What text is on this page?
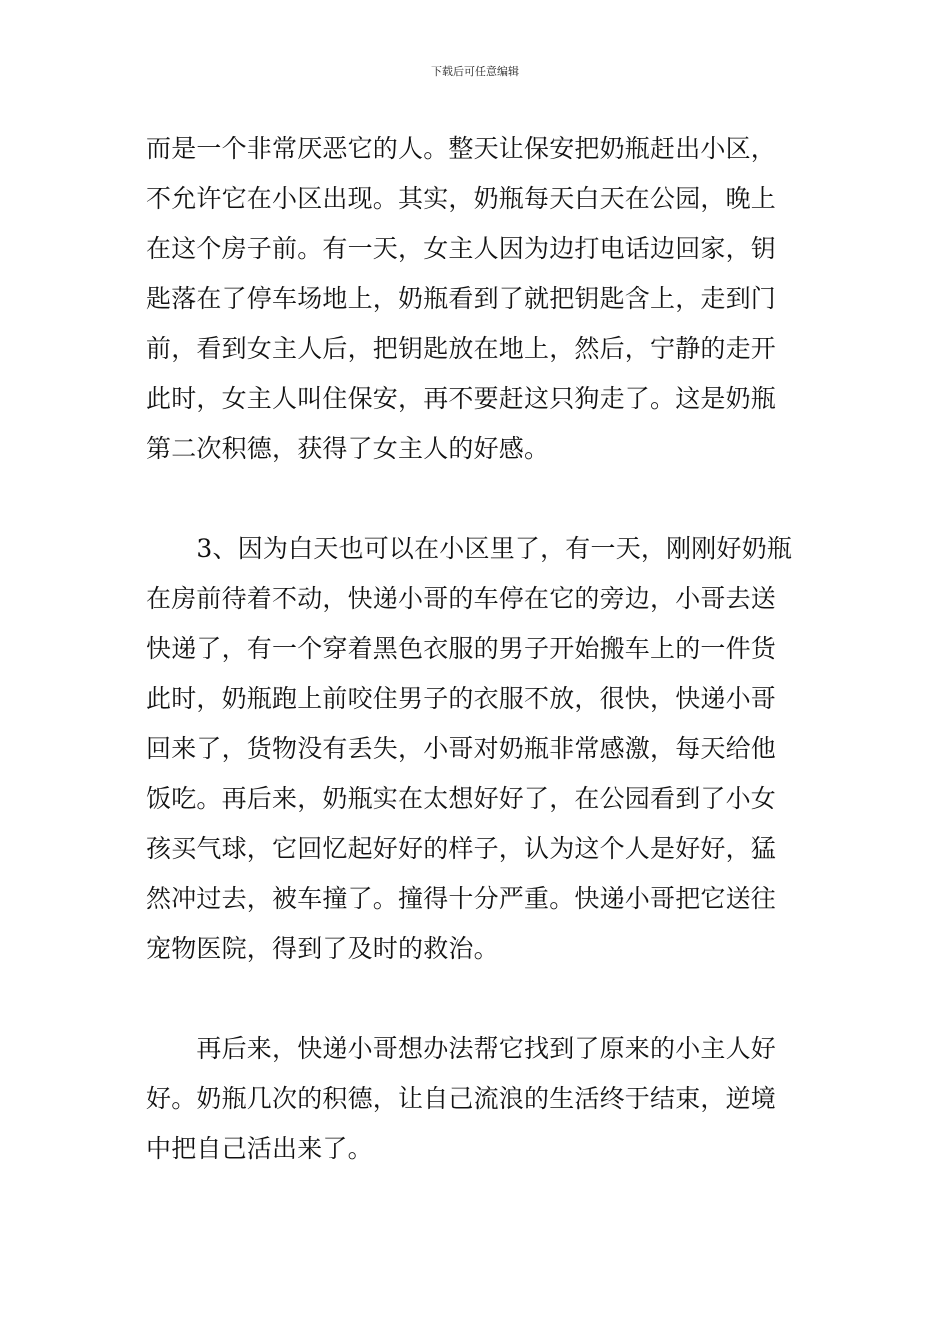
下载后可任意编辑
而是一个非常厌恶它的人。整天让保安把奶瓶赶出小区，
不允许它在小区出现。其实，奶瓶每天白天在公园，晚上
在这个房子前。有一天，女主人因为边打电话边回家，钥
匙落在了停车场地上，奶瓶看到了就把钥匙含上，走到门
前，看到女主人后，把钥匙放在地上，然后，宁静的走开
此时，女主人叫住保安，再不要赶这只狗走了。这是奶瓶
第二次积德，获得了女主人的好感。
　　3、因为白天也可以在小区里了，有一天，刚刚好奶瓶
在房前待着不动，快递小哥的车停在它的旁边，小哥去送
快递了，有一个穿着黑色衣服的男子开始搬车上的一件货
此时，奶瓶跑上前咬住男子的衣服不放，很快，快递小哥
回来了，货物没有丢失，小哥对奶瓶非常感激，每天给他
饭吃。再后来，奶瓶实在太想好好了，在公园看到了小女
孩买气球，它回忆起好好的样子，认为这个人是好好，猛
然冲过去，被车撞了。撞得十分严重。快递小哥把它送往
宠物医院，得到了及时的救治。
　　再后来，快递小哥想办法帮它找到了原来的小主人好
好。奶瓶几次的积德，让自己流浪的生活终于结束，逆境
中把自己活出来了。
